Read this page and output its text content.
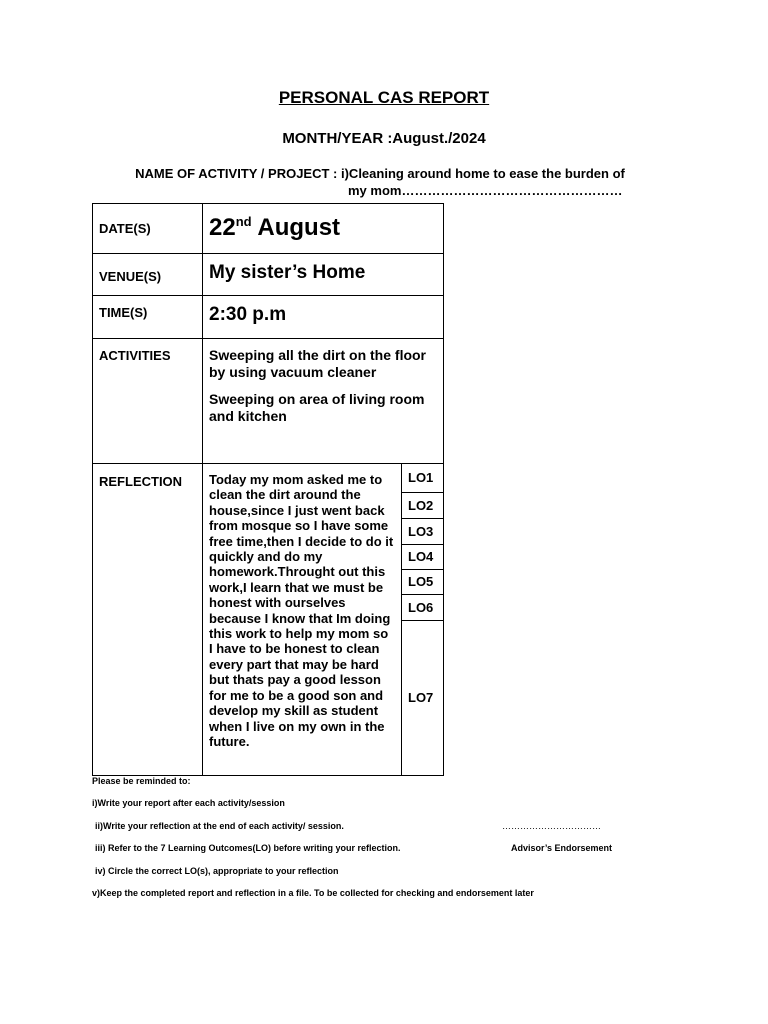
PERSONAL CAS REPORT
MONTH/YEAR :August./2024
NAME OF ACTIVITY / PROJECT : i)Cleaning around home to ease the burden of
my mom……………………………………………
DATE(S)	22nd August
VENUE(S)	My sister’s Home
TIME(S)	2:30 p.m
ACTIVITIES	Sweeping all the dirt on the floor by using vacuum cleaner

Sweeping on area of living room and kitchen

REFLECTION	Today my mom asked me to clean the dirt around the house,since I just went back from mosque so I have some free time,then I decide to do it quickly and do my homework.Throught out this work,I learn that we must be honest with ourselves because I know that Im doing this work to help my mom so I have to be honest to clean every part that may be hard but thats pay a good lesson for me to be a good son and develop my skill as student when I live on my own in the future.	
LO1
LO2
LO3
LO4
LO5
LO6
LO7
Please be reminded to:
i)Write your report after each activity/session
ii)Write your reflection at the end of each activity/ session.
iii) Refer to the 7 Learning Outcomes(LO) before writing your reflection.
iv) Circle the correct LO(s), appropriate to your reflection
v)Keep the completed report and reflection in a file. To be collected for checking and endorsement later
……………………………
Advisor’s Endorsement
